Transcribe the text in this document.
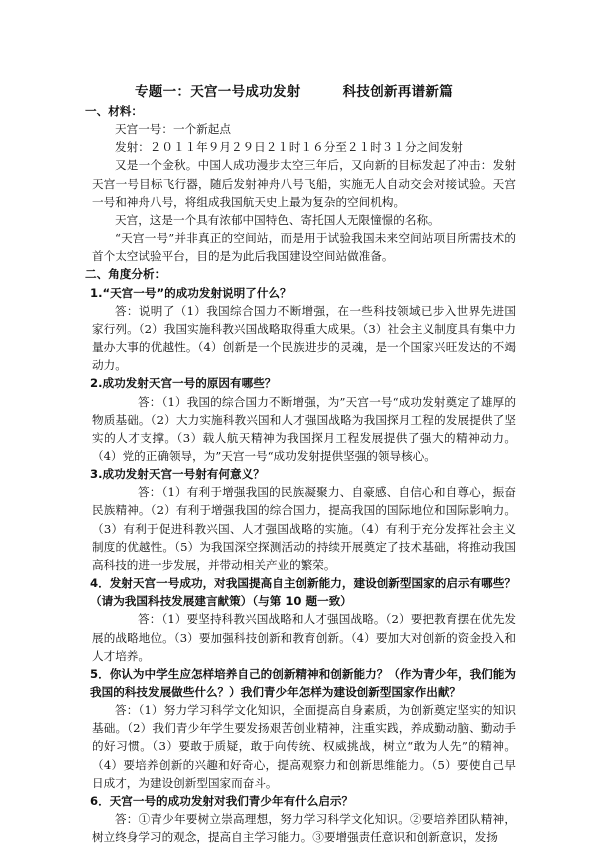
专题一：天宫一号成功发射	科技创新再谱新篇

一、材料：

天宫一号：一个新起点

发射：２０１１年９月２９日２１时１６分至２１时３１分之间发射

又是一个金秋。中国人成功漫步太空三年后，又向新的目标发起了冲击：发射天宫一号目标飞行器，随后发射神舟八号飞船，实施无人自动交会对接试验。天宫一号和神舟八号，将组成我国航天史上最为复杂的空间机构。

天宫，这是一个具有浓郁中国特色、寄托国人无限憧憬的名称。

“天宫一号”并非真正的空间站，而是用于试验我国未来空间站项目所需技术的首个太空试验平台，目的是为此后我国建设空间站做准备。

二、角度分析：

1.“天宫一号”的成功发射说明了什么？

答：说明了（1）我国综合国力不断增强，在一些科技领域已步入世界先进国家行列。（2）我国实施科教兴国战略取得重大成果。（3）社会主义制度具有集中力量办大事的优越性。（4）创新是一个民族进步的灵魂，是一个国家兴旺发达的不竭动力。

2.成功发射天宫一号的原因有哪些？

答：（1）我国的综合国力不断增强，为”天宫一号“成功发射奠定了雄厚的物质基础。（2）大力实施科教兴国和人才强国战略为我国探月工程的发展提供了坚实的人才支撑。（3）载人航天精神为我国探月工程发展提供了强大的精神动力。（4）党的正确领导，为”天宫一号“成功发射提供坚强的领导核心。

3.成功发射天宫一号射有何意义？

答：（1）有利于增强我国的民族凝聚力、自豪感、自信心和自尊心，振奋民族精神。（2）有利于增强我国的综合国力，提高我国的国际地位和国际影响力。（3）有利于促进科教兴国、人才强国战略的实施。（4）有利于充分发挥社会主义制度的优越性。（5）为我国深空探测活动的持续开展奠定了技术基础，将推动我国高科技的进一步发展，并带动相关产业的繁荣。

4．发射天宫一号成功，对我国提高自主创新能力，建设创新型国家的启示有哪些？（请为我国科技发展建言献策）（与第 10 题一致）

答：（1）要坚持科教兴国战略和人才强国战略。（2）要把教育摆在优先发展的战略地位。（3）要加强科技创新和教育创新。（4）要加大对创新的资金投入和人才培养。

5．你认为中学生应怎样培养自己的创新精神和创新能力？（作为青少年，我们能为我国的科技发展做些什么？）我们青少年怎样为建设创新型国家作出献？

答：（1）努力学习科学文化知识，全面提高自身素质，为创新奠定坚实的知识基础。（2）我们青少年学生要发扬艰苦创业精神，注重实践，养成勤动脑、勤动手的好习惯。（3）要敢于质疑，敢于向传统、权威挑战，树立“敢为人先”的精神。（4）要培养创新的兴趣和好奇心，提高观察力和创新思维能力。（5）要使自己早日成才，为建设创新型国家而奋斗。

6．天宫一号的成功发射对我们青少年有什么启示？

答：①青少年要树立崇高理想，努力学习科学文化知识。②要培养团队精神，树立终身学习的观念，提高自主学习能力。③要增强责任意识和创新意识，发扬
